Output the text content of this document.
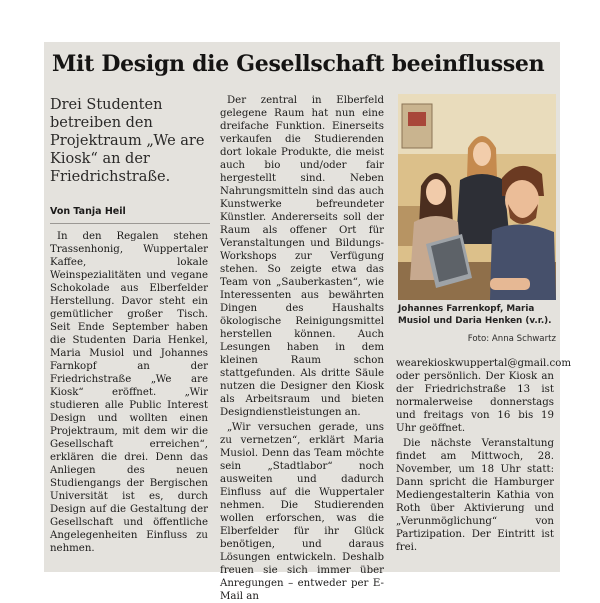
Mit Design die Gesellschaft beeinflussen

Drei Studenten betreiben den Projektraum „We are Kiosk“ an der Friedrichstraße.

Von Tanja Heil

In den Regalen stehen Trassenhonig, Wuppertaler Kaffee, lokale Weinspezialitäten und vegane Schokolade aus Elberfelder Herstellung. Davor steht ein gemütlicher großer Tisch. Seit Ende September haben die Studenten Daria Henkel, Maria Musiol und Johannes Farnkopf an der Friedrichstraße „We are Kiosk“ eröffnet. „Wir studieren alle Public Interest Design und wollten einen Projektraum, mit dem wir die Gesellschaft erreichen“, erklären die drei. Denn das Anliegen des neuen Studiengangs der Bergischen Universität ist es, durch Design auf die Gestaltung der Gesellschaft und öffentliche Angelegenheiten Einfluss zu nehmen.

Der zentral in Elberfeld gelegene Raum hat nun eine dreifache Funktion. Einerseits verkaufen die Studierenden dort lokale Produkte, die meist auch bio und/oder fair hergestellt sind. Neben Nahrungsmitteln sind das auch Kunstwerke befreundeter Künstler. Andererseits soll der Raum als offener Ort für Veranstaltungen und Bildungs-Workshops zur Verfügung stehen. So zeigte etwa das Team von „Sauberkasten“, wie Interessenten aus bewährten Dingen des Haushalts ökologische Reinigungsmittel herstellen können. Auch Lesungen haben in dem kleinen Raum schon stattgefunden. Als dritte Säule nutzen die Designer den Kiosk als Arbeitsraum und bieten Designdienstleistungen an.

„Wir versuchen gerade, uns zu vernetzen“, erklärt Maria Musiol. Denn das Team möchte sein „Stadtlabor“ noch ausweiten und dadurch Einfluss auf die Wuppertaler nehmen. Die Studierenden wollen erforschen, was die Elberfelder für ihr Glück benötigen, und daraus Lösungen entwickeln. Deshalb freuen sie sich immer über Anregungen – entweder per E-Mail an

Johannes Farrenkopf, Maria Musiol und Daria Henken (v.r.).
Foto: Anna Schwartz

wearekioskwuppertal@gmail.com oder persönlich. Der Kiosk an der Friedrichstraße 13 ist normalerweise donnerstags und freitags von 16 bis 19 Uhr geöffnet.

Die nächste Veranstaltung findet am Mittwoch, 28. November, um 18 Uhr statt: Dann spricht die Hamburger Mediengestalterin Kathia von Roth über Aktivierung und „Verunmöglichung“ von Partizipation. Der Eintritt ist frei.
